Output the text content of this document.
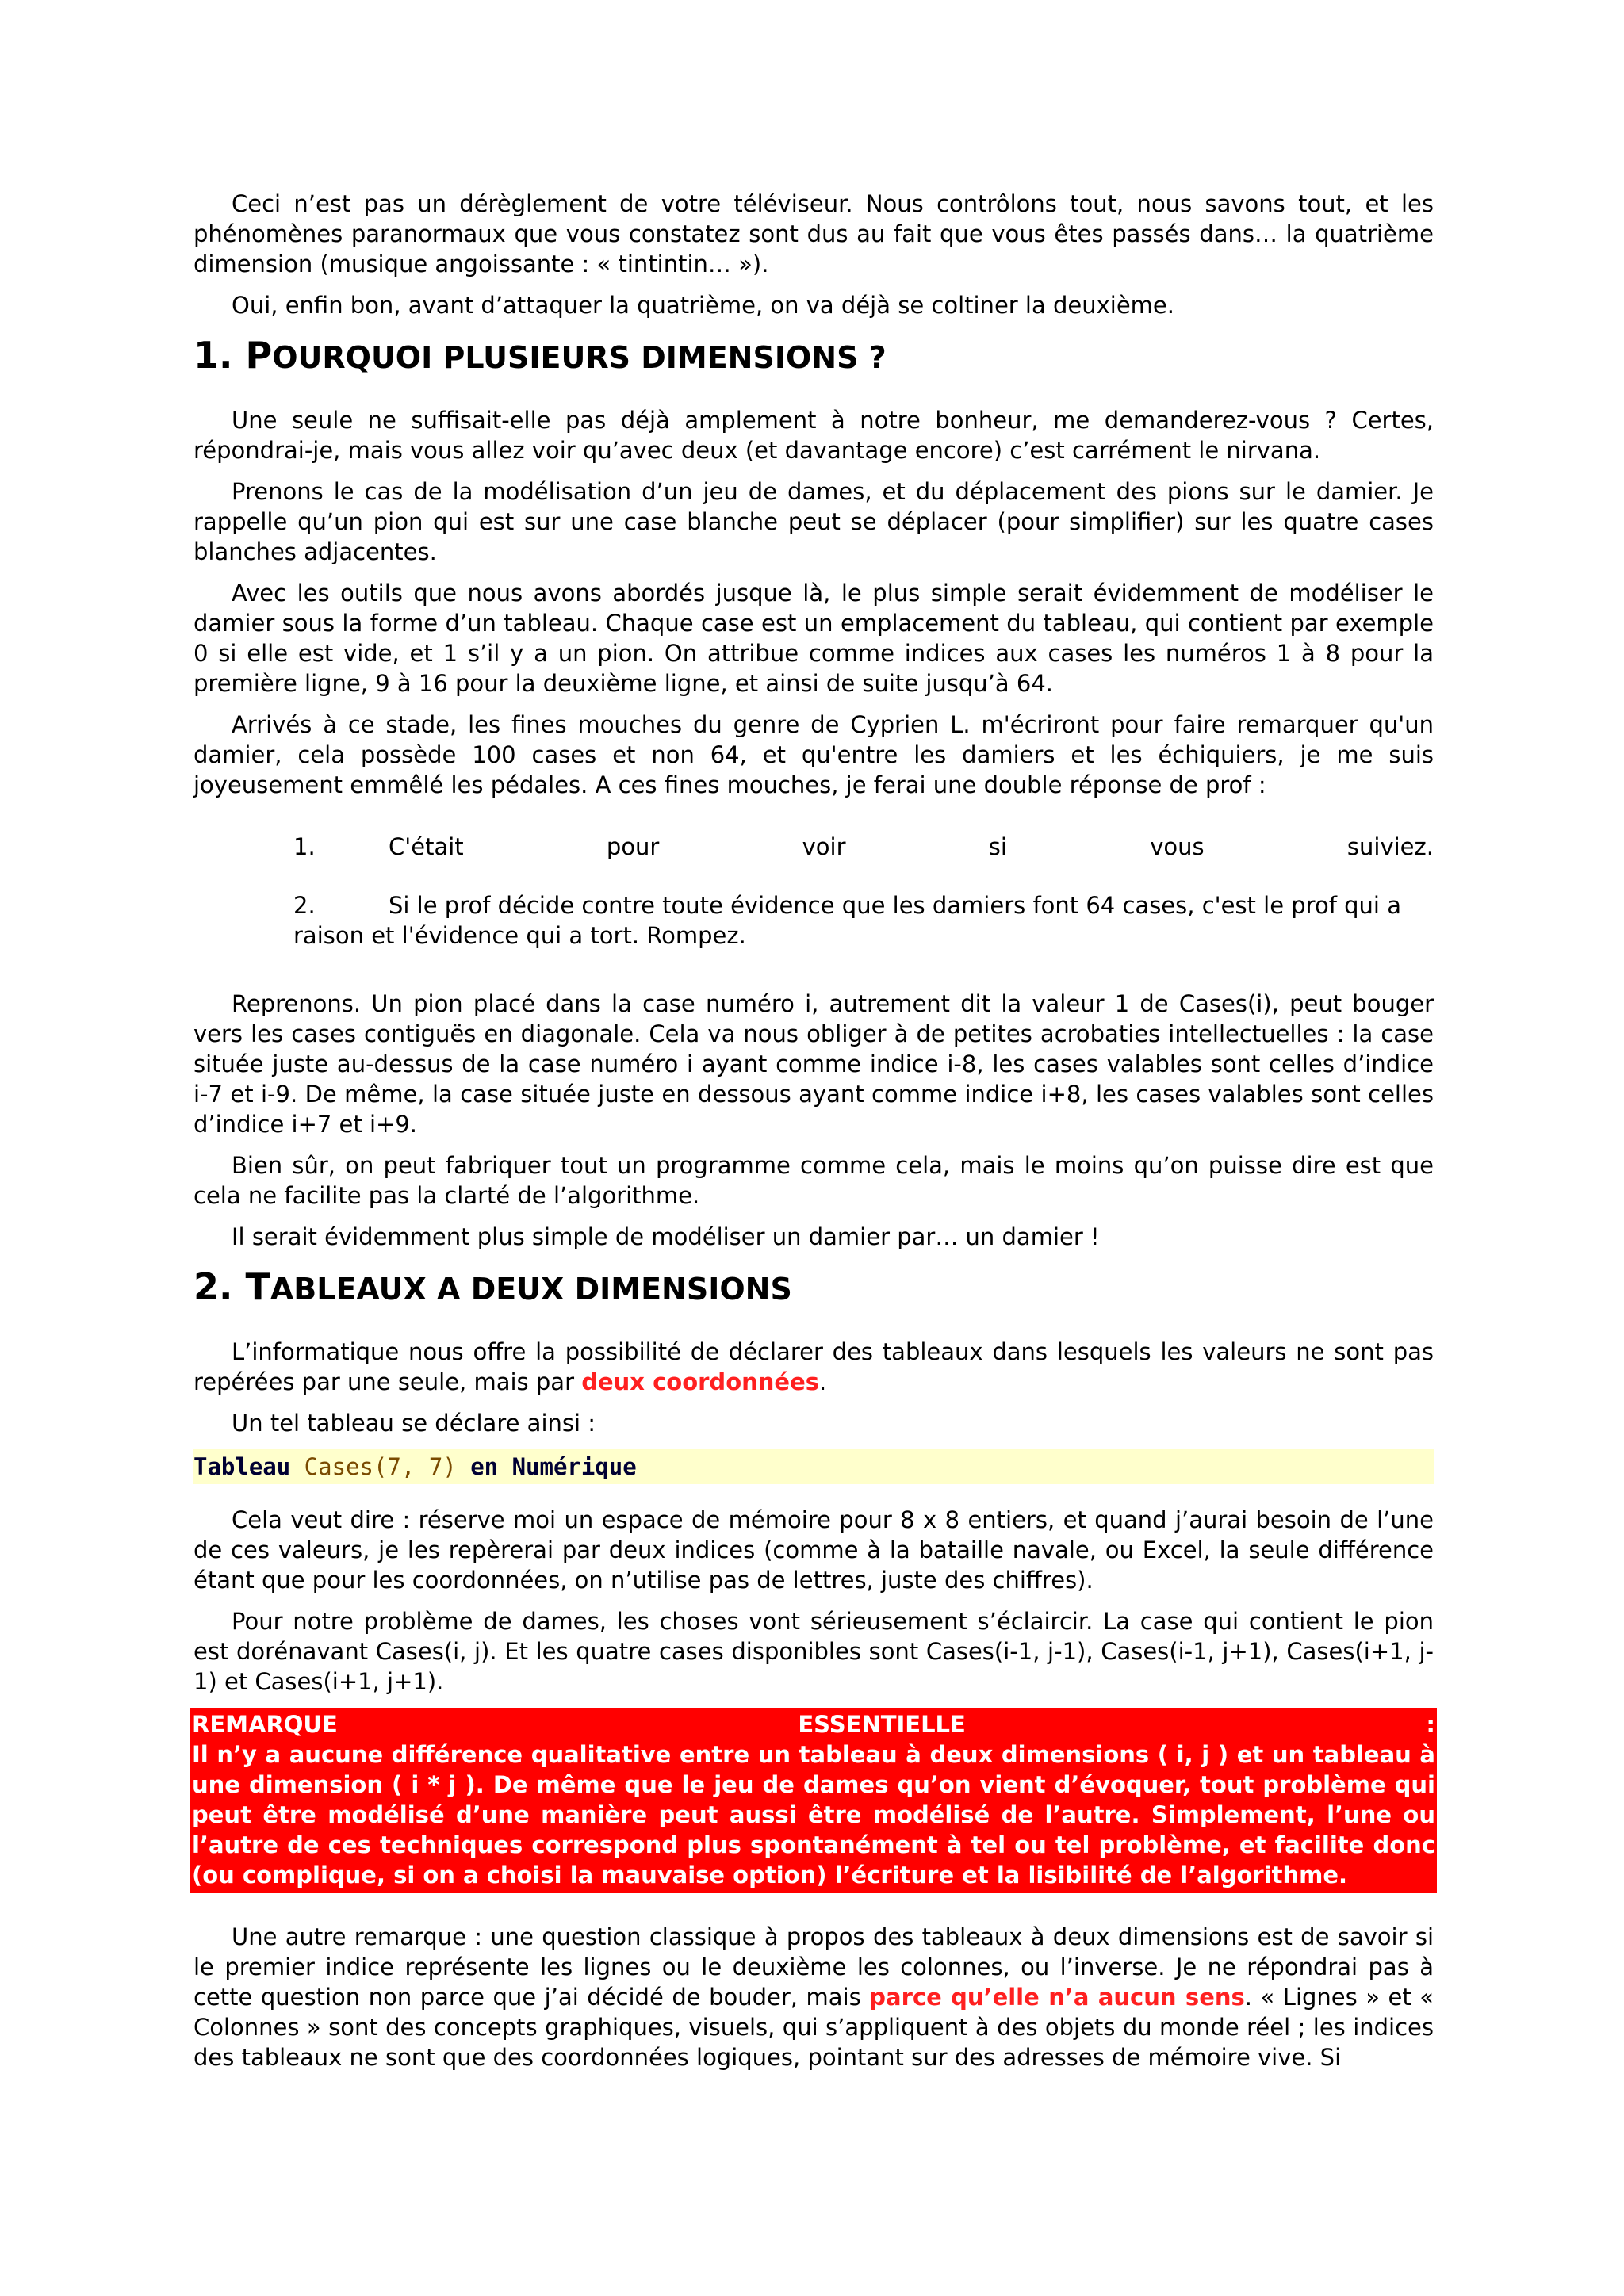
Ceci n’est pas un dérèglement de votre téléviseur. Nous contrôlons tout, nous savons tout, et les phénomènes paranormaux que vous constatez sont dus au fait que vous êtes passés dans… la quatrième dimension (musique angoissante : « tintintin… »).

Oui, enfin bon, avant d’attaquer la quatrième, on va déjà se coltiner la deuxième.

1. POURQUOI PLUSIEURS DIMENSIONS ?

Une seule ne suffisait-elle pas déjà amplement à notre bonheur, me demanderez-vous ? Certes, répondrai-je, mais vous allez voir qu’avec deux (et davantage encore) c’est carrément le nirvana.

Prenons le cas de la modélisation d’un jeu de dames, et du déplacement des pions sur le damier. Je rappelle qu’un pion qui est sur une case blanche peut se déplacer (pour simplifier) sur les quatre cases blanches adjacentes.

Avec les outils que nous avons abordés jusque là, le plus simple serait évidemment de modéliser le damier sous la forme d’un tableau. Chaque case est un emplacement du tableau, qui contient par exemple 0 si elle est vide, et 1 s’il y a un pion. On attribue comme indices aux cases les numéros 1 à 8 pour la première ligne, 9 à 16 pour la deuxième ligne, et ainsi de suite jusqu’à 64.

Arrivés à ce stade, les fines mouches du genre de Cyprien L. m'écriront pour faire remarquer qu'un damier, cela possède 100 cases et non 64, et qu'entre les damiers et les échiquiers, je me suis joyeusement emmêlé les pédales. A ces fines mouches, je ferai une double réponse de prof :

1.	C'était	pour	voir	si	vous	suiviez.
2.	Si le prof décide contre toute évidence que les damiers font 64 cases, c'est le prof qui a raison et l'évidence qui a tort. Rompez.

Reprenons. Un pion placé dans la case numéro i, autrement dit la valeur 1 de Cases(i), peut bouger vers les cases contiguës en diagonale. Cela va nous obliger à de petites acrobaties intellectuelles : la case située juste au-dessus de la case numéro i ayant comme indice i-8, les cases valables sont celles d’indice i-7 et i-9. De même, la case située juste en dessous ayant comme indice i+8, les cases valables sont celles d’indice i+7 et i+9.

Bien sûr, on peut fabriquer tout un programme comme cela, mais le moins qu’on puisse dire est que cela ne facilite pas la clarté de l’algorithme.

Il serait évidemment plus simple de modéliser un damier par… un damier !

2. TABLEAUX A DEUX DIMENSIONS

L’informatique nous offre la possibilité de déclarer des tableaux dans lesquels les valeurs ne sont pas repérées par une seule, mais par deux coordonnées.

Un tel tableau se déclare ainsi :

Tableau Cases(7, 7) en Numérique

Cela veut dire : réserve moi un espace de mémoire pour 8 x 8 entiers, et quand j’aurai besoin de l’une de ces valeurs, je les repèrerai par deux indices (comme à la bataille navale, ou Excel, la seule différence étant que pour les coordonnées, on n’utilise pas de lettres, juste des chiffres).

Pour notre problème de dames, les choses vont sérieusement s’éclaircir. La case qui contient le pion est dorénavant Cases(i, j). Et les quatre cases disponibles sont Cases(i-1, j-1), Cases(i-1, j+1), Cases(i+1, j-1) et Cases(i+1, j+1).

REMARQUE	ESSENTIELLE	:
Il n’y a aucune différence qualitative entre un tableau à deux dimensions ( i, j ) et un tableau à une dimension ( i * j ). De même que le jeu de dames qu’on vient d’évoquer, tout problème qui peut être modélisé d’une manière peut aussi être modélisé de l’autre. Simplement, l’une ou l’autre de ces techniques correspond plus spontanément à tel ou tel problème, et facilite donc (ou complique, si on a choisi la mauvaise option) l’écriture et la lisibilité de l’algorithme.

Une autre remarque : une question classique à propos des tableaux à deux dimensions est de savoir si le premier indice représente les lignes ou le deuxième les colonnes, ou l’inverse. Je ne répondrai pas à cette question non parce que j’ai décidé de bouder, mais parce qu’elle n’a aucun sens. « Lignes » et « Colonnes » sont des concepts graphiques, visuels, qui s’appliquent à des objets du monde réel ; les indices des tableaux ne sont que des coordonnées logiques, pointant sur des adresses de mémoire vive. Si
